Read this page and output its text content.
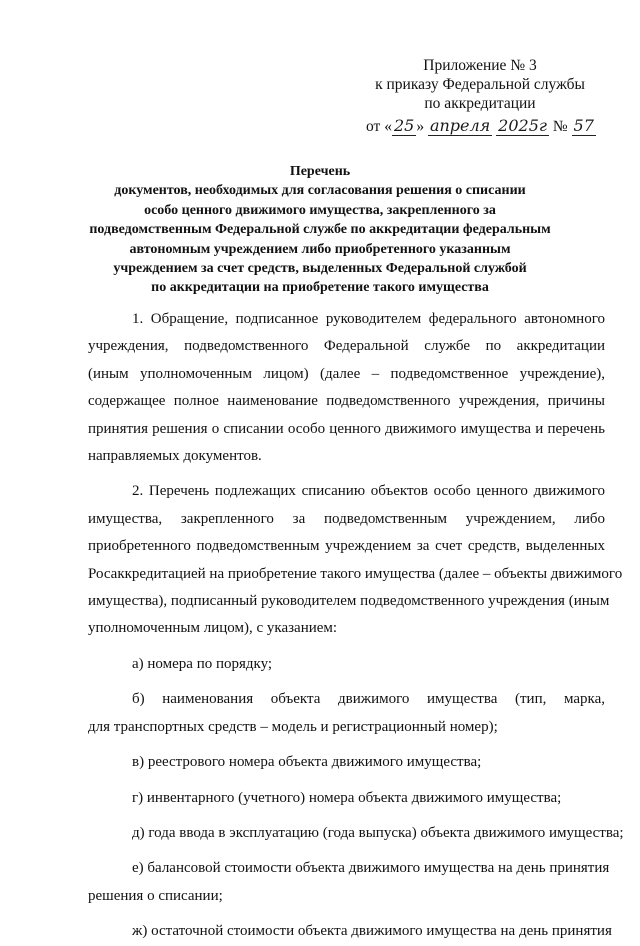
Приложение № 3
к приказу Федеральной службы
по аккредитации
от « 25 » апреля 2025г № 57
Перечень
документов, необходимых для согласования решения о списании
особо ценного движимого имущества, закрепленного за
подведомственным Федеральной службе по аккредитации федеральным
автономным учреждением либо приобретенного указанным
учреждением за счет средств, выделенных Федеральной службой
по аккредитации на приобретение такого имущества
1. Обращение, подписанное руководителем федерального автономного
учреждения, подведомственного Федеральной службе по аккредитации
(иным уполномоченным лицом) (далее – подведомственное учреждение),
содержащее полное наименование подведомственного учреждения, причины
принятия решения о списании особо ценного движимого имущества и перечень
направляемых документов.
2. Перечень подлежащих списанию объектов особо ценного движимого
имущества, закрепленного за подведомственным учреждением, либо
приобретенного подведомственным учреждением за счет средств, выделенных
Росаккредитацией на приобретение такого имущества (далее – объекты движимого
имущества), подписанный руководителем подведомственного учреждения (иным
уполномоченным лицом), с указанием:
а) номера по порядку;
б) наименования объекта движимого имущества (тип, марка,
для транспортных средств – модель и регистрационный номер);
в) реестрового номера объекта движимого имущества;
г) инвентарного (учетного) номера объекта движимого имущества;
д) года ввода в эксплуатацию (года выпуска) объекта движимого имущества;
е) балансовой стоимости объекта движимого имущества на день принятия
решения о списании;
ж) остаточной стоимости объекта движимого имущества на день принятия
